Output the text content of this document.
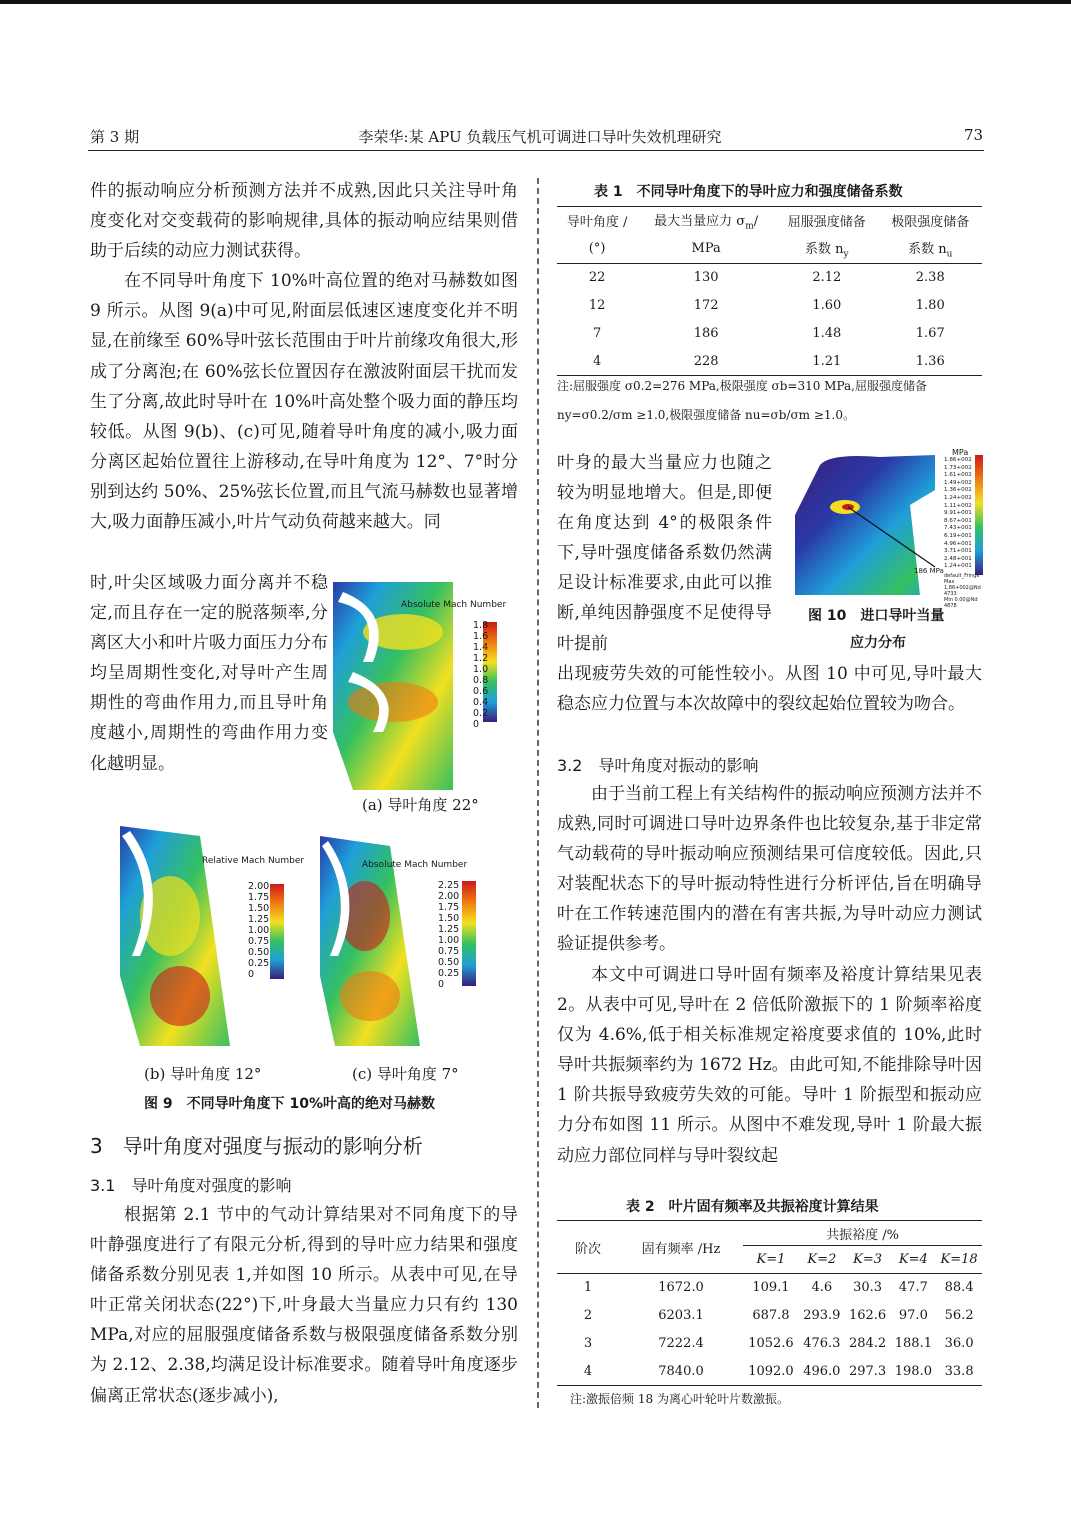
第 3 期	李荣华:某 APU 负载压气机可调进口导叶失效机理研究	73

件的振动响应分析预测方法并不成熟,因此只关注导叶角度变化对交变载荷的影响规律,具体的振动响应结果则借助于后续的动应力测试获得。

在不同导叶角度下 10%叶高位置的绝对马赫数如图 9 所示。从图 9(a)中可见,附面层低速区速度变化并不明显,在前缘至 60%导叶弦长范围由于叶片前缘攻角很大,形成了分离泡;在 60%弦长位置因存在激波附面层干扰而发生了分离,故此时导叶在 10%叶高处整个吸力面的静压均较低。从图 9(b)、(c)可见,随着导叶角度的减小,吸力面分离区起始位置往上游移动,在导叶角度为 12°、7°时分别到达约 50%、25%弦长位置,而且气流马赫数也显著增大,吸力面静压减小,叶片气动负荷越来越大。同

时,叶尖区域吸力面分离并不稳定,而且存在一定的脱落频率,分离区大小和叶片吸力面压力分布均呈周期性变化,对导叶产生周期性的弯曲作用力,而且导叶角度越小,周期性的弯曲作用力变化越明显。
Absolute Mach Number
1.8
1.6
1.4
1.2
1.0
0.8
0.6
0.4
0.2
0
(a) 导叶角度 22°
Relative Mach Number
2.00
1.75
1.50
1.25
1.00
0.75
0.50
0.25
0
Absolute Mach Number
2.25
2.00
1.75
1.50
1.25
1.00
0.75
0.50
0.25
0
(b) 导叶角度 12°	(c) 导叶角度 7°
图 9　不同导叶角度下 10%叶高的绝对马赫数
3　导叶角度对强度与振动的影响分析
3.1　导叶角度对强度的影响
根据第 2.1 节中的气动计算结果对不同角度下的导叶静强度进行了有限元分析,得到的导叶应力结果和强度储备系数分别见表 1,并如图 10 所示。从表中可见,在导叶正常关闭状态(22°)下,叶身最大当量应力只有约 130 MPa,对应的屈服强度储备系数与极限强度储备系数分别为 2.12、2.38,均满足设计标准要求。随着导叶角度逐步偏离正常状态(逐步减小),
表 1　不同导叶角度下的导叶应力和强度储备系数
导叶角度 /	最大当量应力 $\sigma_m/$	屈服强度储备	极限强度储备
(°)	MPa	系数 $n_y$	系数 $n_u$
22	130	2.12	2.38
12	172	1.60	1.80
7	186	1.48	1.67
4	228	1.21	1.36
注:屈服强度 σ0.2=276 MPa,极限强度 σb=310 MPa,屈服强度储备
ny=σ0.2/σm ≥1.0,极限强度储备 nu=σb/σm ≥1.0。
叶身的最大当量应力也随之较为明显地增大。但是,即便在角度达到 4°的极限条件下,导叶强度储备系数仍然满足设计标准要求,由此可以推断,单纯因静强度不足使得导叶提前
MPa
1.86+002
1.73+002
1.61+002
1.49+002
1.36+002
1.24+002
1.11+002
9.91+001
8.67+001
7.43+001
6.19+001
4.96+001
3.71+001
2.48+001
1.24+001
186 MPa
default_Fringe
Max 1.86+002@Nd 4733
Min 0.00@Nd 4878
图 10　进口导叶当量
应力分布
出现疲劳失效的可能性较小。从图 10 中可见,导叶最大稳态应力位置与本次故障中的裂纹起始位置较为吻合。
3.2　导叶角度对振动的影响
由于当前工程上有关结构件的振动响应预测方法并不成熟,同时可调进口导叶边界条件也比较复杂,基于非定常气动载荷的导叶振动响应预测结果可信度较低。因此,只对装配状态下的导叶振动特性进行分析评估,旨在明确导叶在工作转速范围内的潜在有害共振,为导叶动应力测试验证提供参考。
本文中可调进口导叶固有频率及裕度计算结果见表 2。从表中可见,导叶在 2 倍低阶激振下的 1 阶频率裕度仅为 4.6%,低于相关标准规定裕度要求值的 10%,此时导叶共振频率约为 1672 Hz。由此可知,不能排除导叶因 1 阶共振导致疲劳失效的可能。导叶 1 阶振型和振动应力分布如图 11 所示。从图中不难发现,导叶 1 阶最大振动应力部位同样与导叶裂纹起
表 2　叶片固有频率及共振裕度计算结果
阶次	固有频率 /Hz	共振裕度 /%				
		K=1	K=2	K=3	K=4	K=18
1	1672.0	109.1	4.6	30.3	47.7	88.4
2	6203.1	687.8	293.9	162.6	97.0	56.2
3	7222.4	1052.6	476.3	284.2	188.1	36.0
4	7840.0	1092.0	496.0	297.3	198.0	33.8
注:激振倍频 18 为离心叶轮叶片数激振。
